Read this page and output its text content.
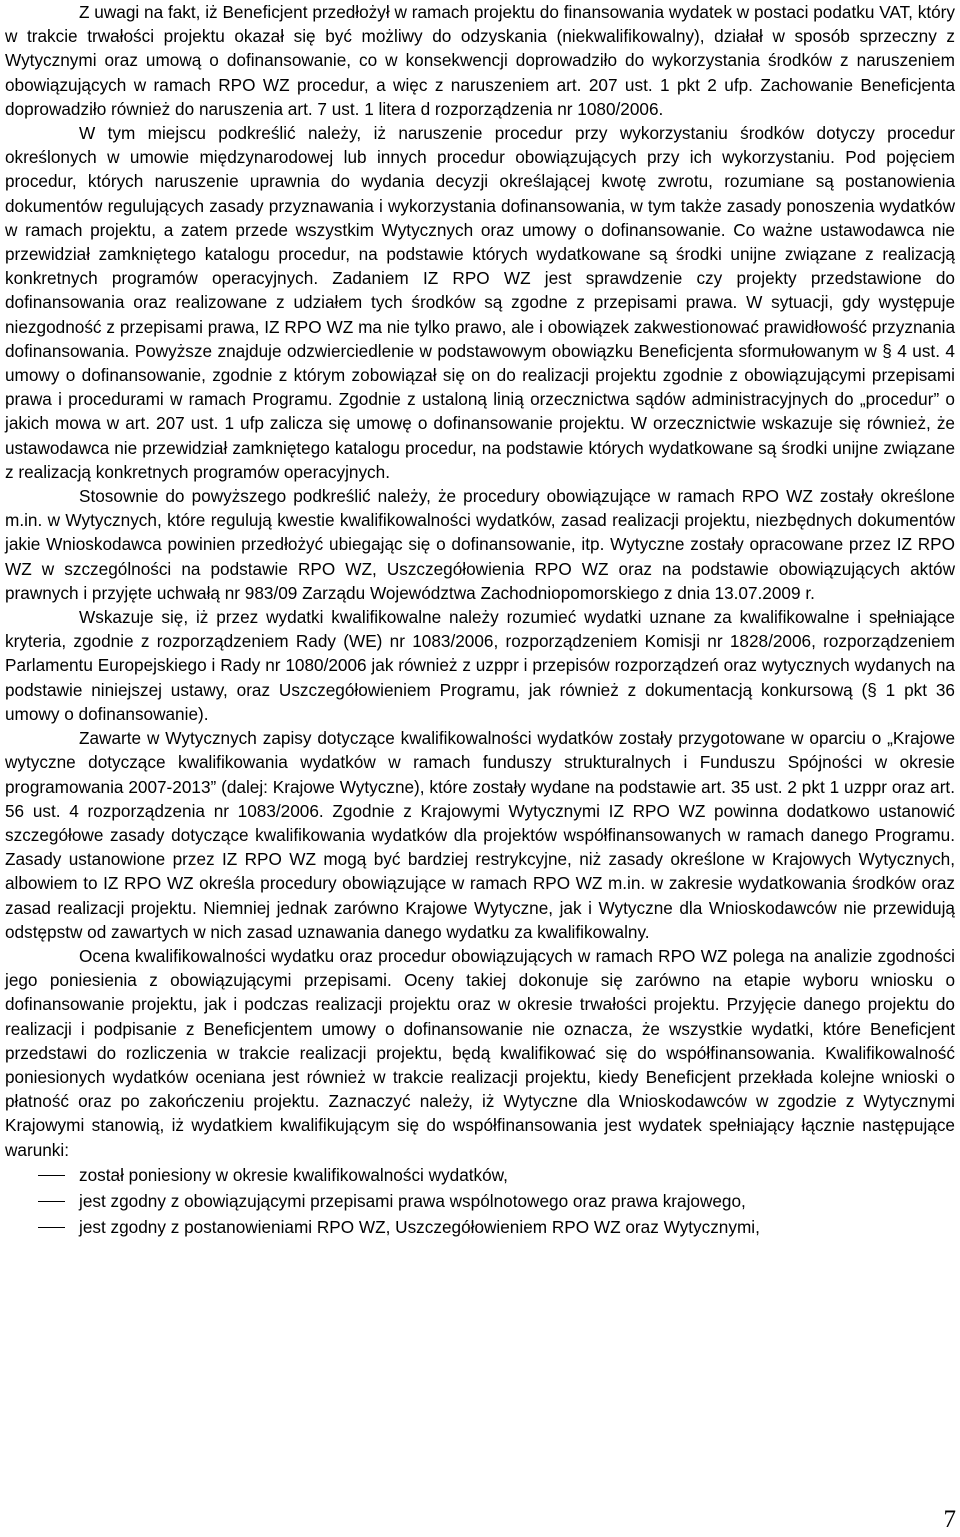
Z uwagi na fakt, iż Beneficjent przedłożył w ramach projektu do finansowania wydatek w postaci podatku VAT, który w trakcie trwałości projektu okazał się być możliwy do odzyskania (niekwalifikowalny), działał w sposób sprzeczny z Wytycznymi oraz umową o dofinansowanie, co w konsekwencji doprowadziło do wykorzystania środków z naruszeniem obowiązujących w ramach RPO WZ procedur, a więc z naruszeniem art. 207 ust. 1 pkt 2 ufp. Zachowanie Beneficjenta doprowadziło również do naruszenia art. 7 ust. 1 litera d rozporządzenia nr 1080/2006.

W tym miejscu podkreślić należy, iż naruszenie procedur przy wykorzystaniu środków dotyczy procedur określonych w umowie międzynarodowej lub innych procedur obowiązujących przy ich wykorzystaniu. Pod pojęciem procedur, których naruszenie uprawnia do wydania decyzji określającej kwotę zwrotu, rozumiane są postanowienia dokumentów regulujących zasady przyznawania i wykorzystania dofinansowania, w tym także zasady ponoszenia wydatków w ramach projektu, a zatem przede wszystkim Wytycznych oraz umowy o dofinansowanie. Co ważne ustawodawca nie przewidział zamkniętego katalogu procedur, na podstawie których wydatkowane są środki unijne związane z realizacją konkretnych programów operacyjnych. Zadaniem IZ RPO WZ jest sprawdzenie czy projekty przedstawione do dofinansowania oraz realizowane z udziałem tych środków są zgodne z przepisami prawa. W sytuacji, gdy występuje niezgodność z przepisami prawa, IZ RPO WZ ma nie tylko prawo, ale i obowiązek zakwestionować prawidłowość przyznania dofinansowania. Powyższe znajduje odzwierciedlenie w podstawowym obowiązku Beneficjenta sformułowanym w § 4 ust. 4 umowy o dofinansowanie, zgodnie z którym zobowiązał się on do realizacji projektu zgodnie z obowiązującymi przepisami prawa i procedurami w ramach Programu. Zgodnie z ustaloną linią orzecznictwa sądów administracyjnych do „procedur” o jakich mowa w art. 207 ust. 1 ufp zalicza się umowę o dofinansowanie projektu. W orzecznictwie wskazuje się również, że ustawodawca nie przewidział zamkniętego katalogu procedur, na podstawie których wydatkowane są środki unijne związane z realizacją konkretnych programów operacyjnych.

Stosownie do powyższego podkreślić należy, że procedury obowiązujące w ramach RPO WZ zostały określone m.in. w Wytycznych, które regulują kwestie kwalifikowalności wydatków, zasad realizacji projektu, niezbędnych dokumentów jakie Wnioskodawca powinien przedłożyć ubiegając się o dofinansowanie, itp. Wytyczne zostały opracowane przez IZ RPO WZ w szczególności na podstawie RPO WZ, Uszczegółowienia RPO WZ oraz na podstawie obowiązujących aktów prawnych i przyjęte uchwałą nr 983/09 Zarządu Województwa Zachodniopomorskiego z dnia 13.07.2009 r.

Wskazuje się, iż przez wydatki kwalifikowalne należy rozumieć wydatki uznane za kwalifikowalne i spełniające kryteria, zgodnie z rozporządzeniem Rady (WE) nr 1083/2006, rozporządzeniem Komisji nr 1828/2006, rozporządzeniem Parlamentu Europejskiego i Rady nr 1080/2006 jak również z uzppr i przepisów rozporządzeń oraz wytycznych wydanych na podstawie niniejszej ustawy, oraz Uszczegółowieniem Programu, jak również z dokumentacją konkursową (§ 1 pkt 36 umowy o dofinansowanie).

Zawarte w Wytycznych zapisy dotyczące kwalifikowalności wydatków zostały przygotowane w oparciu o „Krajowe wytyczne dotyczące kwalifikowania wydatków w ramach funduszy strukturalnych i Funduszu Spójności w okresie programowania 2007-2013” (dalej: Krajowe Wytyczne), które zostały wydane na podstawie art. 35 ust. 2 pkt 1 uzppr oraz art. 56 ust. 4 rozporządzenia nr 1083/2006. Zgodnie z Krajowymi Wytycznymi IZ RPO WZ powinna dodatkowo ustanowić szczegółowe zasady dotyczące kwalifikowania wydatków dla projektów współfinansowanych w ramach danego Programu. Zasady ustanowione przez IZ RPO WZ mogą być bardziej restrykcyjne, niż zasady określone w Krajowych Wytycznych, albowiem to IZ RPO WZ określa procedury obowiązujące w ramach RPO WZ m.in. w zakresie wydatkowania środków oraz zasad realizacji projektu. Niemniej jednak zarówno Krajowe Wytyczne, jak i Wytyczne dla Wnioskodawców nie przewidują odstępstw od zawartych w nich zasad uznawania danego wydatku za kwalifikowalny.

Ocena kwalifikowalności wydatku oraz procedur obowiązujących w ramach RPO WZ polega na analizie zgodności jego poniesienia z obowiązującymi przepisami. Oceny takiej dokonuje się zarówno na etapie wyboru wniosku o dofinansowanie projektu, jak i podczas realizacji projektu oraz w okresie trwałości projektu. Przyjęcie danego projektu do realizacji i podpisanie z Beneficjentem umowy o dofinansowanie nie oznacza, że wszystkie wydatki, które Beneficjent przedstawi do rozliczenia w trakcie realizacji projektu, będą kwalifikować się do współfinansowania. Kwalifikowalność poniesionych wydatków oceniana jest również w trakcie realizacji projektu, kiedy Beneficjent przekłada kolejne wnioski o płatność oraz po zakończeniu projektu. Zaznaczyć należy, iż Wytyczne dla Wnioskodawców w zgodzie z Wytycznymi Krajowymi stanowią, iż wydatkiem kwalifikującym się do współfinansowania jest wydatek spełniający łącznie następujące warunki:

został poniesiony w okresie kwalifikowalności wydatków,
jest zgodny z obowiązującymi przepisami prawa wspólnotowego oraz prawa krajowego,
jest zgodny z postanowieniami RPO WZ, Uszczegółowieniem RPO WZ oraz Wytycznymi,
7
